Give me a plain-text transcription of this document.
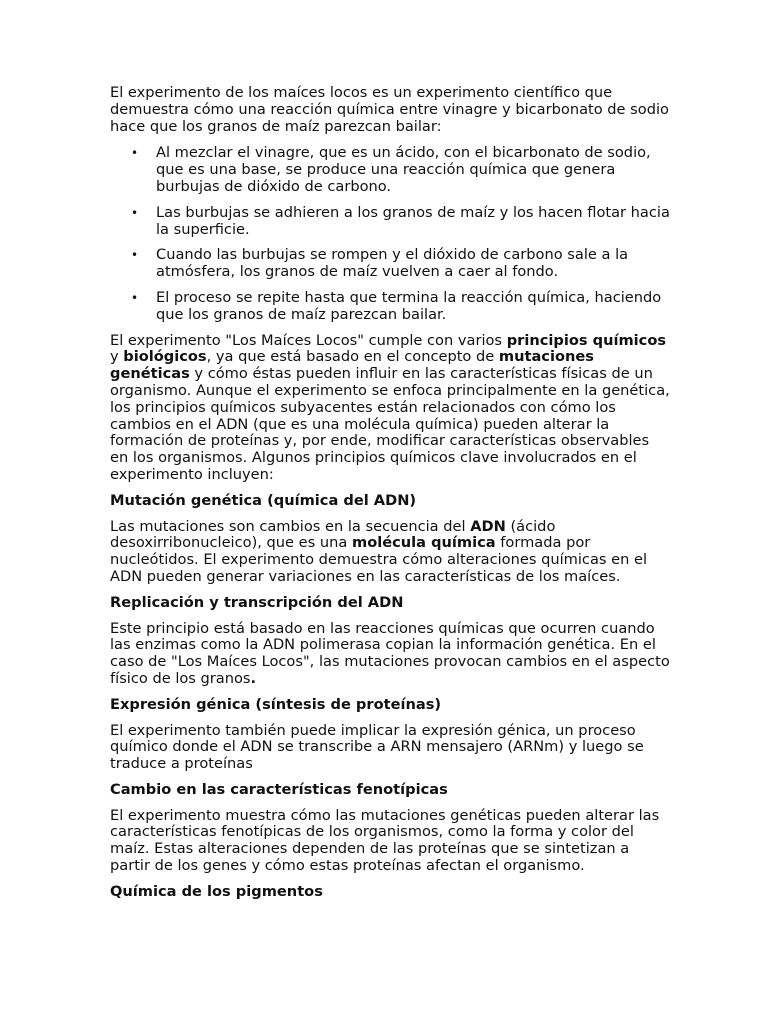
El experimento de los maíces locos es un experimento científico que demuestra cómo una reacción química entre vinagre y bicarbonato de sodio hace que los granos de maíz parezcan bailar:

• Al mezclar el vinagre, que es un ácido, con el bicarbonato de sodio, que es una base, se produce una reacción química que genera burbujas de dióxido de carbono.
• Las burbujas se adhieren a los granos de maíz y los hacen flotar hacia la superficie.
• Cuando las burbujas se rompen y el dióxido de carbono sale a la atmósfera, los granos de maíz vuelven a caer al fondo.
• El proceso se repite hasta que termina la reacción química, haciendo que los granos de maíz parezcan bailar.

El experimento "Los Maíces Locos" cumple con varios principios químicos y biológicos, ya que está basado en el concepto de mutaciones genéticas y cómo éstas pueden influir en las características físicas de un organismo. Aunque el experimento se enfoca principalmente en la genética, los principios químicos subyacentes están relacionados con cómo los cambios en el ADN (que es una molécula química) pueden alterar la formación de proteínas y, por ende, modificar características observables en los organismos. Algunos principios químicos clave involucrados en el experimento incluyen:

Mutación genética (química del ADN)

Las mutaciones son cambios en la secuencia del ADN (ácido desoxirribonucleico), que es una molécula química formada por nucleótidos. El experimento demuestra cómo alteraciones químicas en el ADN pueden generar variaciones en las características de los maíces.

Replicación y transcripción del ADN

Este principio está basado en las reacciones químicas que ocurren cuando las enzimas como la ADN polimerasa copian la información genética. En el caso de "Los Maíces Locos", las mutaciones provocan cambios en el aspecto físico de los granos.

Expresión génica (síntesis de proteínas)

El experimento también puede implicar la expresión génica, un proceso químico donde el ADN se transcribe a ARN mensajero (ARNm) y luego se traduce a proteínas

Cambio en las características fenotípicas

El experimento muestra cómo las mutaciones genéticas pueden alterar las características fenotípicas de los organismos, como la forma y color del maíz. Estas alteraciones dependen de las proteínas que se sintetizan a partir de los genes y cómo estas proteínas afectan el organismo.

Química de los pigmentos
